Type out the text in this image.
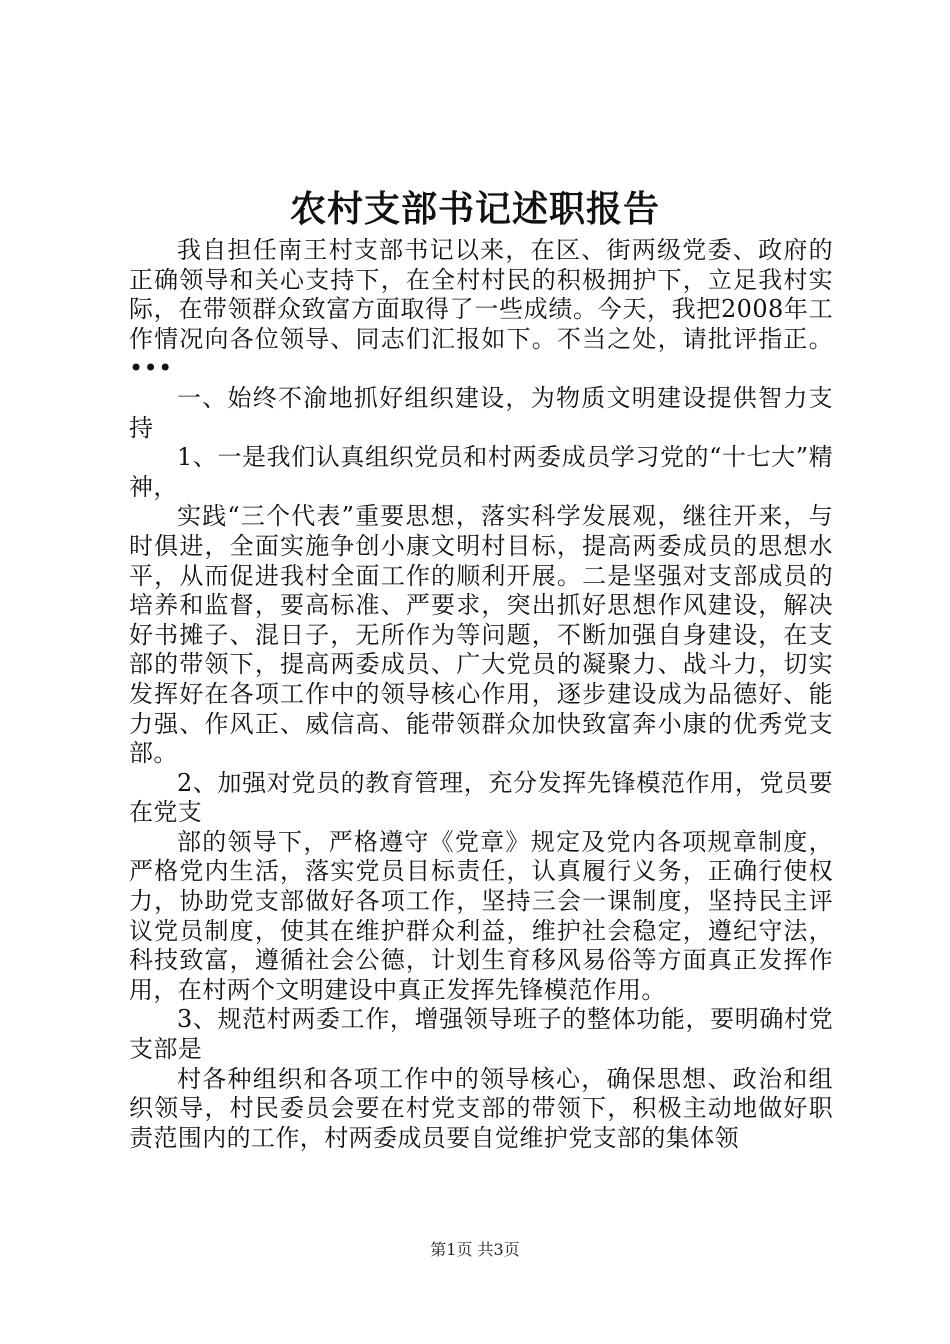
农村支部书记述职报告

我自担任南王村支部书记以来，在区、街两级党委、政府的正确领导和关心支持下，在全村村民的积极拥护下，立足我村实际，在带领群众致富方面取得了一些成绩。今天，我把2008年工作情况向各位领导、同志们汇报如下。不当之处，请批评指正。•••

一、始终不渝地抓好组织建设，为物质文明建设提供智力支持

1、一是我们认真组织党员和村两委成员学习党的“十七大”精神，

实践“三个代表”重要思想，落实科学发展观，继往开来，与时俱进，全面实施争创小康文明村目标，提高两委成员的思想水平，从而促进我村全面工作的顺利开展。二是坚强对支部成员的培养和监督，要高标准、严要求，突出抓好思想作风建设，解决好书摊子、混日子，无所作为等问题，不断加强自身建设，在支部的带领下，提高两委成员、广大党员的凝聚力、战斗力，切实发挥好在各项工作中的领导核心作用，逐步建设成为品德好、能力强、作风正、威信高、能带领群众加快致富奔小康的优秀党支部。

2、加强对党员的教育管理，充分发挥先锋模范作用，党员要在党支

部的领导下，严格遵守《党章》规定及党内各项规章制度，严格党内生活，落实党员目标责任，认真履行义务，正确行使权力，协助党支部做好各项工作，坚持三会一课制度，坚持民主评议党员制度，使其在维护群众利益，维护社会稳定，遵纪守法，科技致富，遵循社会公德，计划生育移风易俗等方面真正发挥作用，在村两个文明建设中真正发挥先锋模范作用。

3、规范村两委工作，增强领导班子的整体功能，要明确村党支部是

村各种组织和各项工作中的领导核心，确保思想、政治和组织领导，村民委员会要在村党支部的带领下，积极主动地做好职责范围内的工作，村两委成员要自觉维护党支部的集体领

第1页 共3页
